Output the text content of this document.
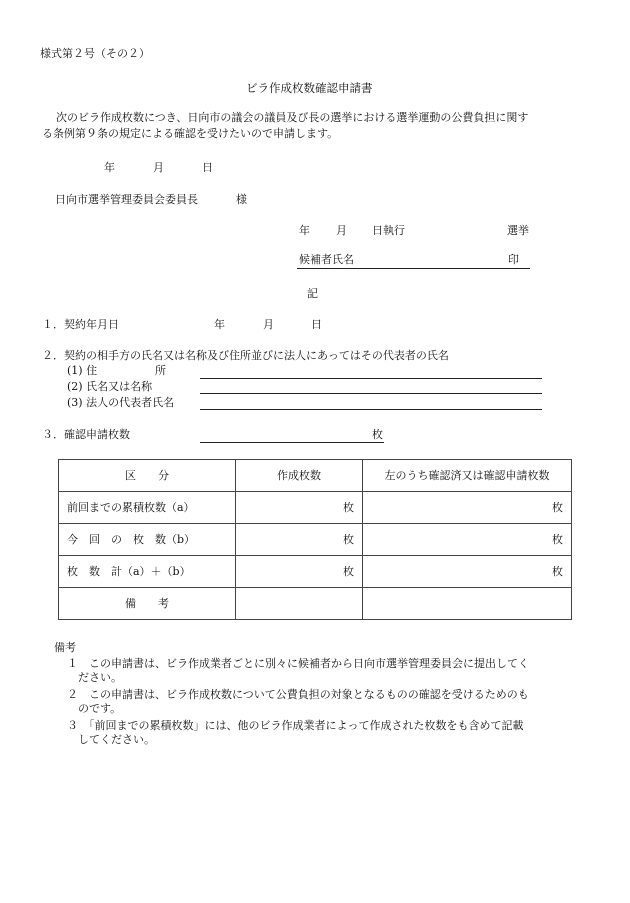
様式第２号（その２）
ビラ作成枚数確認申請書
次のビラ作成枚数につき、日向市の議会の議員及び長の選挙における選挙運動の公費負担に関す
る条例第９条の規定による確認を受けたいので申請します。
年	月	日
日向市選挙管理委員会委員長	様
年 月 日執行	選挙
候補者氏名	印
記
１．契約年月日	年	月	日
２．契約の相手方の氏名又は名称及び住所並びに法人にあってはその代表者の氏名
(1) 住	所
(2) 氏名又は名称
(3) 法人の代表者氏名
３．確認申請枚数	枚
区　　分	作成枚数	左のうち確認済又は確認申請枚数
前回までの累積枚数（a）	枚	枚
今　回　の　枚　数（b）	枚	枚
枚　数　計（a）＋（b）	枚	枚
備　　考		
備考
１　この申請書は、ビラ作成業者ごとに別々に候補者から日向市選挙管理委員会に提出してく
ださい。
２　この申請書は、ビラ作成枚数について公費負担の対象となるものの確認を受けるためのも
のです。
３　「前回までの累積枚数」には、他のビラ作成業者によって作成された枚数をも含めて記載
してください。
